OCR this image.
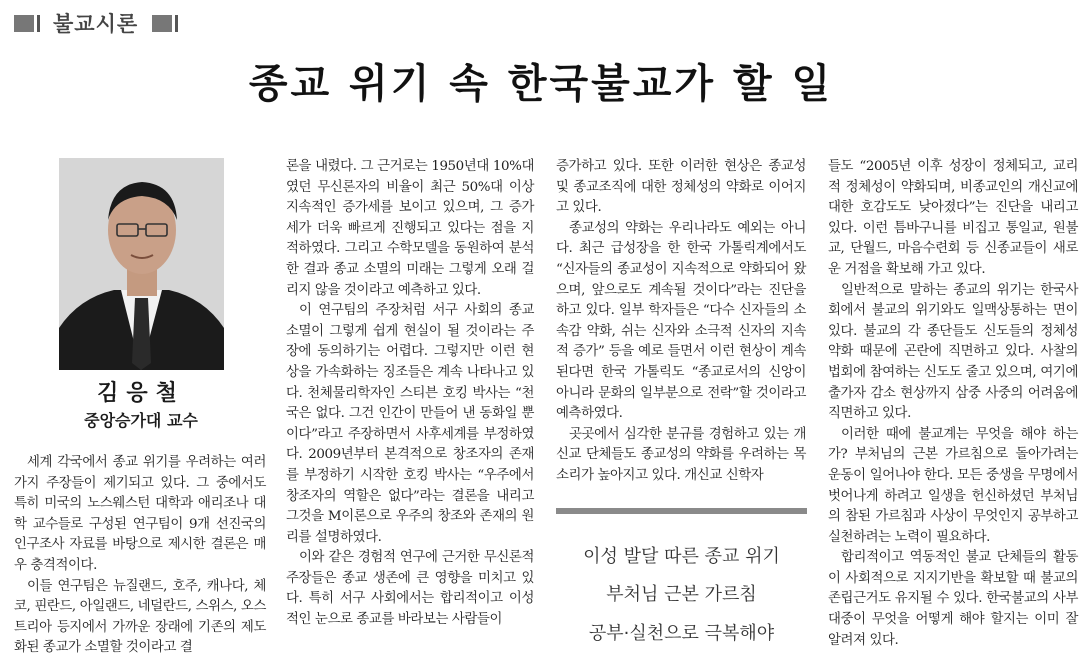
불교시론
종교 위기 속 한국불교가 할 일
김응철
중앙승가대 교수

세계 각국에서 종교 위기를 우려하는 여러 가지 주장들이 제기되고 있다. 그 중에서도 특히 미국의 노스웨스턴 대학과 애리조나 대학 교수들로 구성된 연구팀이 9개 선진국의 인구조사 자료를 바탕으로 제시한 결론은 매우 충격적이다.

이들 연구팀은 뉴질랜드, 호주, 캐나다, 체코, 핀란드, 아일랜드, 네덜란드, 스위스, 오스트리아 등지에서 가까운 장래에 기존의 제도화된 종교가 소멸할 것이라고 결

론을 내렸다. 그 근거로는 1950년대 10%대였던 무신론자의 비율이 최근 50%대 이상 지속적인 증가세를 보이고 있으며, 그 증가세가 더욱 빠르게 진행되고 있다는 점을 지적하였다. 그리고 수학모델을 동원하여 분석한 결과 종교 소멸의 미래는 그렇게 오래 걸리지 않을 것이라고 예측하고 있다.

이 연구팀의 주장처럼 서구 사회의 종교 소멸이 그렇게 쉽게 현실이 될 것이라는 주장에 동의하기는 어렵다. 그렇지만 이런 현상을 가속화하는 징조들은 계속 나타나고 있다. 천체물리학자인 스티븐 호킹 박사는 “천국은 없다. 그건 인간이 만들어 낸 동화일 뿐이다”라고 주장하면서 사후세계를 부정하였다. 2009년부터 본격적으로 창조자의 존재를 부정하기 시작한 호킹 박사는 “우주에서 창조자의 역할은 없다”라는 결론을 내리고 그것을 M이론으로 우주의 창조와 존재의 원리를 설명하였다.

이와 같은 경험적 연구에 근거한 무신론적 주장들은 종교 생존에 큰 영향을 미치고 있다. 특히 서구 사회에서는 합리적이고 이성적인 눈으로 종교를 바라보는 사람들이

증가하고 있다. 또한 이러한 현상은 종교성 및 종교조직에 대한 정체성의 약화로 이어지고 있다.

종교성의 약화는 우리나라도 예외는 아니다. 최근 급성장을 한 한국 가톨릭계에서도 “신자들의 종교성이 지속적으로 약화되어 왔으며, 앞으로도 계속될 것이다”라는 진단을 하고 있다. 일부 학자들은 “다수 신자들의 소속감 약화, 쉬는 신자와 소극적 신자의 지속적 증가” 등을 예로 들면서 이런 현상이 계속된다면 한국 가톨릭도 “종교로서의 신앙이 아니라 문화의 일부분으로 전락”할 것이라고 예측하였다.

곳곳에서 심각한 분규를 경험하고 있는 개신교 단체들도 종교성의 약화를 우려하는 목소리가 높아지고 있다. 개신교 신학자

이성 발달 따른 종교 위기
부처님 근본 가르침
공부·실천으로 극복해야

들도 “2005년 이후 성장이 정체되고, 교리적 정체성이 약화되며, 비종교인의 개신교에 대한 호감도도 낮아졌다”는 진단을 내리고 있다. 이런 틈바구니를 비집고 통일교, 원불교, 단월드, 마음수련회 등 신종교들이 새로운 거점을 확보해 가고 있다.

일반적으로 말하는 종교의 위기는 한국사회에서 불교의 위기와도 일맥상통하는 면이 있다. 불교의 각 종단들도 신도들의 정체성 약화 때문에 곤란에 직면하고 있다. 사찰의 법회에 참여하는 신도도 줄고 있으며, 여기에 출가자 감소 현상까지 삼중 사중의 어려움에 직면하고 있다.

이러한 때에 불교계는 무엇을 해야 하는가? 부처님의 근본 가르침으로 돌아가려는 운동이 일어나야 한다. 모든 중생을 무명에서 벗어나게 하려고 일생을 헌신하셨던 부처님의 참된 가르침과 사상이 무엇인지 공부하고 실천하려는 노력이 필요하다.

합리적이고 역동적인 불교 단체들의 활동이 사회적으로 지지기반을 확보할 때 불교의 존립근거도 유지될 수 있다. 한국불교의 사부대중이 무엇을 어떻게 해야 할지는 이미 잘 알려져 있다.
